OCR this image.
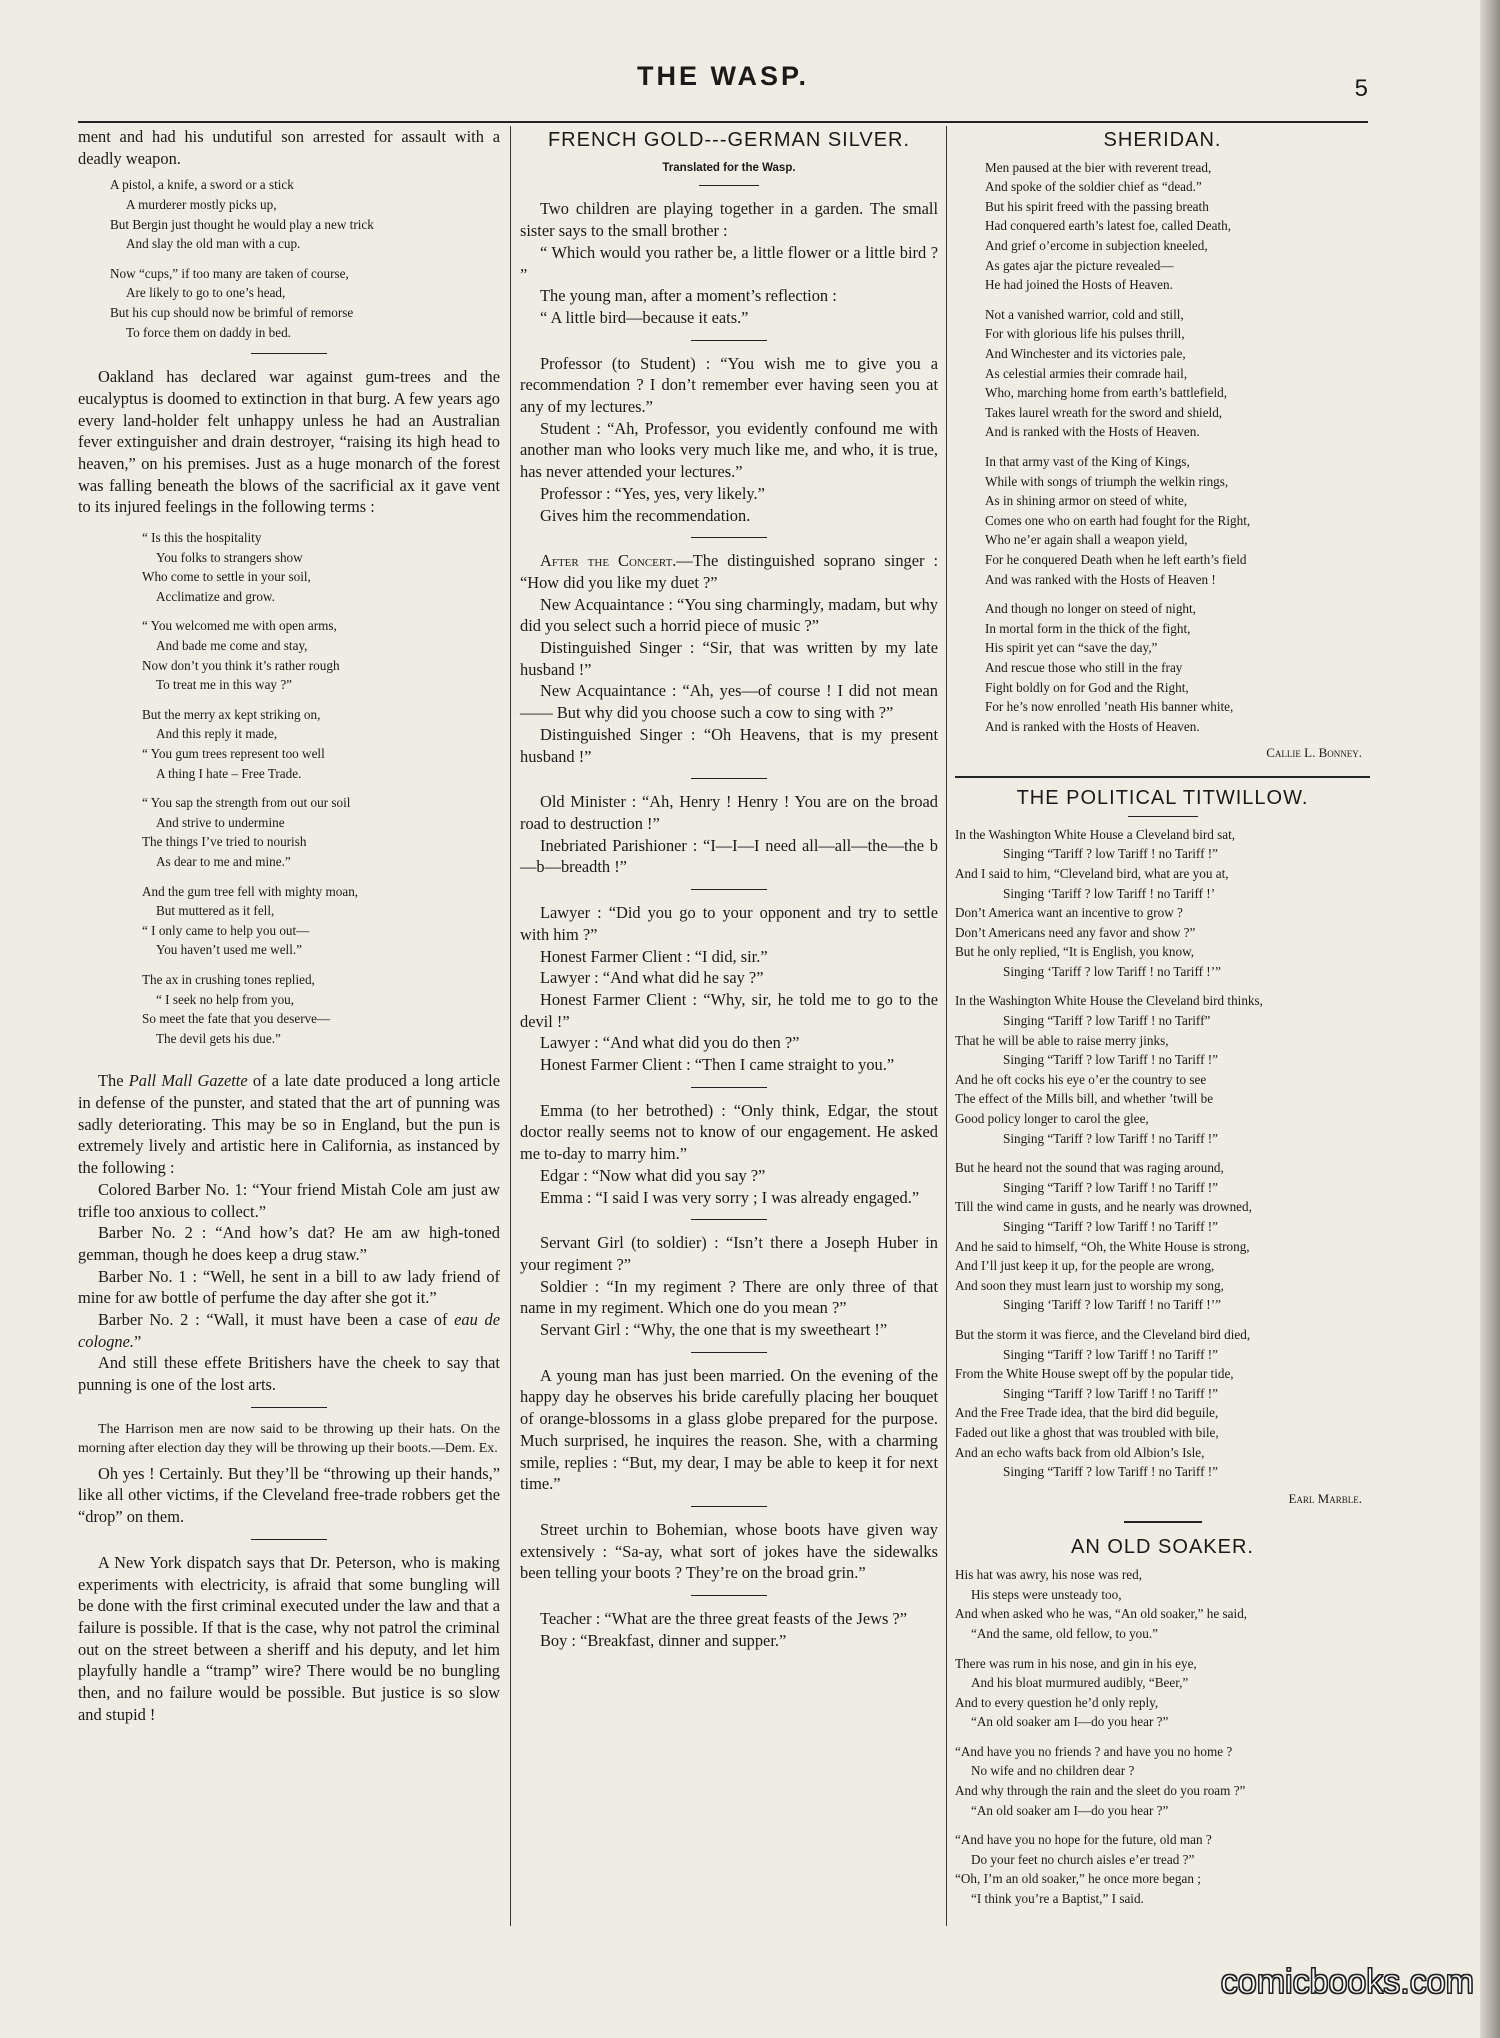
THE WASP.	5

ment and had his undutiful son arrested for assault with a deadly weapon.

A pistol, a knife, a sword or a stick
A murderer mostly picks up,
But Bergin just thought he would play a new trick
And slay the old man with a cup.
Now “cups,” if too many are taken of course,
Are likely to go to one’s head,
But his cup should now be brimful of remorse
To force them on daddy in bed.

Oakland has declared war against gum-trees and the eucalyptus is doomed to extinction in that burg. A few years ago every land-holder felt unhappy unless he had an Australian fever extinguisher and drain destroyer, “raising its high head to heaven,” on his premises. Just as a huge monarch of the forest was falling beneath the blows of the sacrificial ax it gave vent to its injured feelings in the following terms :

“ Is this the hospitality
You folks to strangers show
Who come to settle in your soil,
Acclimatize and grow.
“ You welcomed me with open arms,
And bade me come and stay,
Now don’t you think it’s rather rough
To treat me in this way ?”
But the merry ax kept striking on,
And this reply it made,
“ You gum trees represent too well
A thing I hate – Free Trade.
“ You sap the strength from out our soil
And strive to undermine
The things I’ve tried to nourish
As dear to me and mine.”
And the gum tree fell with mighty moan,
But muttered as it fell,
“ I only came to help you out—
You haven’t used me well.”
The ax in crushing tones replied,
“ I seek no help from you,
So meet the fate that you deserve—
The devil gets his due.”

The Pall Mall Gazette of a late date produced a long article in defense of the punster, and stated that the art of punning was sadly deteriorating. This may be so in England, but the pun is extremely lively and artistic here in California, as instanced by the following :

Colored Barber No. 1: “Your friend Mistah Cole am just aw trifle too anxious to collect.”

Barber No. 2 : “And how’s dat? He am aw high-toned gemman, though he does keep a drug staw.”

Barber No. 1 : “Well, he sent in a bill to aw lady friend of mine for aw bottle of perfume the day after she got it.”

Barber No. 2 : “Wall, it must have been a case of eau de cologne.”

And still these effete Britishers have the cheek to say that punning is one of the lost arts.

The Harrison men are now said to be throwing up their hats. On the morning after election day they will be throwing up their boots.—Dem. Ex.

Oh yes ! Certainly. But they’ll be “throwing up their hands,” like all other victims, if the Cleveland free-trade robbers get the “drop” on them.

A New York dispatch says that Dr. Peterson, who is making experiments with electricity, is afraid that some bungling will be done with the first criminal executed under the law and that a failure is possible. If that is the case, why not patrol the criminal out on the street between a sheriff and his deputy, and let him playfully handle a “tramp” wire? There would be no bungling then, and no failure would be possible. But justice is so slow and stupid !

FRENCH GOLD---GERMAN SILVER.
Translated for the Wasp.

Two children are playing together in a garden. The small sister says to the small brother :

“ Which would you rather be, a little flower or a little bird ? ”

The young man, after a moment’s reflection :

“ A little bird—because it eats.”

Professor (to Student) : “You wish me to give you a recommendation ? I don’t remember ever having seen you at any of my lectures.”

Student : “Ah, Professor, you evidently confound me with another man who looks very much like me, and who, it is true, has never attended your lectures.”

Professor : “Yes, yes, very likely.”

Gives him the recommendation.

After the Concert.—The distinguished soprano singer : “How did you like my duet ?”

New Acquaintance : “You sing charmingly, madam, but why did you select such a horrid piece of music ?”

Distinguished Singer : “Sir, that was written by my late husband !”

New Acquaintance : “Ah, yes—of course ! I did not mean —— But why did you choose such a cow to sing with ?”

Distinguished Singer : “Oh Heavens, that is my present husband !”

Old Minister : “Ah, Henry ! Henry ! You are on the broad road to destruction !”

Inebriated Parishioner : “I—I—I need all—all—the—the b—b—breadth !”

Lawyer : “Did you go to your opponent and try to settle with him ?”

Honest Farmer Client : “I did, sir.”

Lawyer : “And what did he say ?”

Honest Farmer Client : “Why, sir, he told me to go to the devil !”

Lawyer : “And what did you do then ?”

Honest Farmer Client : “Then I came straight to you.”

Emma (to her betrothed) : “Only think, Edgar, the stout doctor really seems not to know of our engagement. He asked me to-day to marry him.”

Edgar : “Now what did you say ?”

Emma : “I said I was very sorry ; I was already engaged.”

Servant Girl (to soldier) : “Isn’t there a Joseph Huber in your regiment ?”

Soldier : “In my regiment ? There are only three of that name in my regiment. Which one do you mean ?”

Servant Girl : “Why, the one that is my sweetheart !”

A young man has just been married. On the evening of the happy day he observes his bride carefully placing her bouquet of orange-blossoms in a glass globe prepared for the purpose. Much surprised, he inquires the reason. She, with a charming smile, replies : “But, my dear, I may be able to keep it for next time.”

Street urchin to Bohemian, whose boots have given way extensively : “Sa-ay, what sort of jokes have the sidewalks been telling your boots ? They’re on the broad grin.”

Teacher : “What are the three great feasts of the Jews ?”

Boy : “Breakfast, dinner and supper.”

SHERIDAN.
Men paused at the bier with reverent tread,
And spoke of the soldier chief as “dead.”
But his spirit freed with the passing breath
Had conquered earth’s latest foe, called Death,
And grief o’ercome in subjection kneeled,
As gates ajar the picture revealed—
He had joined the Hosts of Heaven.
Not a vanished warrior, cold and still,
For with glorious life his pulses thrill,
And Winchester and its victories pale,
As celestial armies their comrade hail,
Who, marching home from earth’s battlefield,
Takes laurel wreath for the sword and shield,
And is ranked with the Hosts of Heaven.
In that army vast of the King of Kings,
While with songs of triumph the welkin rings,
As in shining armor on steed of white,
Comes one who on earth had fought for the Right,
Who ne’er again shall a weapon yield,
For he conquered Death when he left earth’s field
And was ranked with the Hosts of Heaven !
And though no longer on steed of night,
In mortal form in the thick of the fight,
His spirit yet can “save the day,”
And rescue those who still in the fray
Fight boldly on for God and the Right,
For he’s now enrolled ’neath His banner white,
And is ranked with the Hosts of Heaven.
Callie L. Bonney.
THE POLITICAL TITWILLOW.
In the Washington White House a Cleveland bird sat,
Singing “Tariff ? low Tariff ! no Tariff !”
And I said to him, “Cleveland bird, what are you at,
Singing ‘Tariff ? low Tariff ! no Tariff !’
Don’t America want an incentive to grow ?
Don’t Americans need any favor and show ?”
But he only replied, “It is English, you know,
Singing ‘Tariff ? low Tariff ! no Tariff !’”
In the Washington White House the Cleveland bird thinks,
Singing “Tariff ? low Tariff ! no Tariff”
That he will be able to raise merry jinks,
Singing “Tariff ? low Tariff ! no Tariff !”
And he oft cocks his eye o’er the country to see
The effect of the Mills bill, and whether ’twill be
Good policy longer to carol the glee,
Singing “Tariff ? low Tariff ! no Tariff !”
But he heard not the sound that was raging around,
Singing “Tariff ? low Tariff ! no Tariff !”
Till the wind came in gusts, and he nearly was drowned,
Singing “Tariff ? low Tariff ! no Tariff !”
And he said to himself, “Oh, the White House is strong,
And I’ll just keep it up, for the people are wrong,
And soon they must learn just to worship my song,
Singing ‘Tariff ? low Tariff ! no Tariff !’”
But the storm it was fierce, and the Cleveland bird died,
Singing “Tariff ? low Tariff ! no Tariff !”
From the White House swept off by the popular tide,
Singing “Tariff ? low Tariff ! no Tariff !”
And the Free Trade idea, that the bird did beguile,
Faded out like a ghost that was troubled with bile,
And an echo wafts back from old Albion’s Isle,
Singing “Tariff ? low Tariff ! no Tariff !”
Earl Marble.
AN OLD SOAKER.
His hat was awry, his nose was red,
His steps were unsteady too,
And when asked who he was, “An old soaker,” he said,
“And the same, old fellow, to you.”
There was rum in his nose, and gin in his eye,
And his bloat murmured audibly, “Beer,”
And to every question he’d only reply,
“An old soaker am I—do you hear ?”
“And have you no friends ? and have you no home ?
No wife and no children dear ?
And why through the rain and the sleet do you roam ?”
“An old soaker am I—do you hear ?”
“And have you no hope for the future, old man ?
Do your feet no church aisles e’er tread ?”
“Oh, I’m an old soaker,” he once more began ;
“I think you’re a Baptist,” I said.
comicbooks.com
